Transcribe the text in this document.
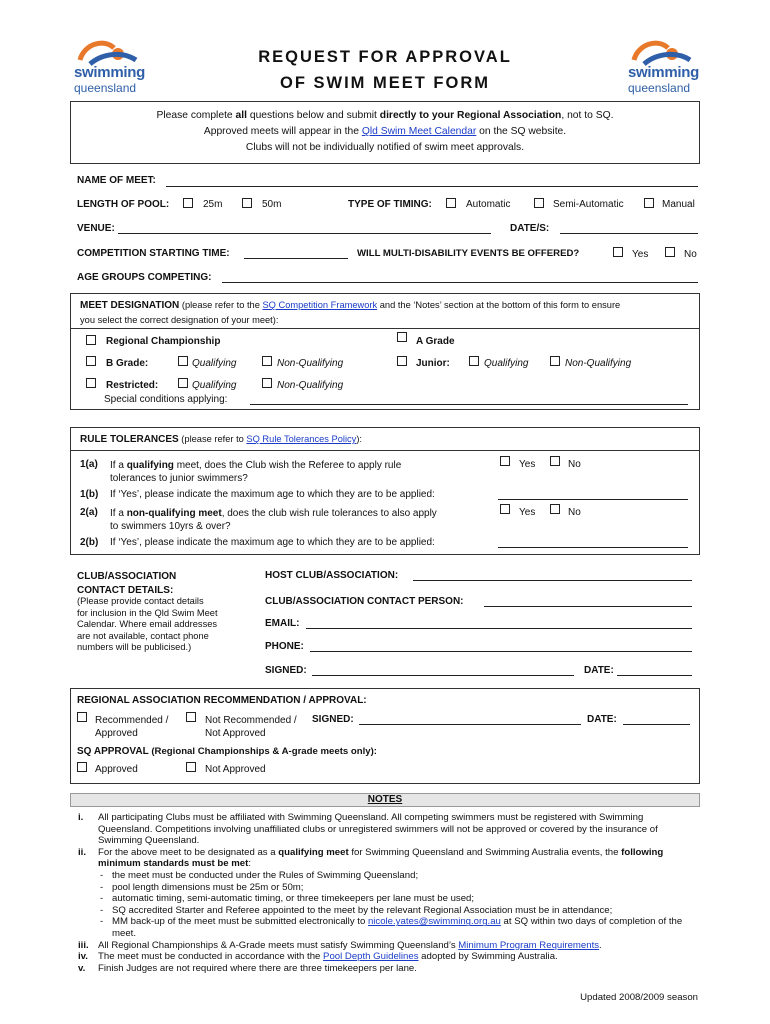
swimming
queensland
swimming
queensland
REQUEST FOR APPROVAL
OF SWIM MEET FORM
Please complete all questions below and submit directly to your Regional Association, not to SQ.
Approved meets will appear in the Qld Swim Meet Calendar on the SQ website.
Clubs will not be individually notified of swim meet approvals.
NAME OF MEET:
LENGTH OF POOL:	25m	50m	TYPE OF TIMING:	Automatic	Semi-Automatic	Manual
VENUE:	DATE/S:
COMPETITION STARTING TIME:	WILL MULTI-DISABILITY EVENTS BE OFFERED?	Yes	No
AGE GROUPS COMPETING:
MEET DESIGNATION (please refer to the SQ Competition Framework and the ‘Notes’ section at the bottom of this form to ensure
you select the correct designation of your meet):
Regional Championship	A Grade
B Grade:	Qualifying	Non-Qualifying	Junior:	Qualifying	Non-Qualifying
Restricted:	Qualifying	Non-Qualifying
Special conditions applying:
RULE TOLERANCES (please refer to SQ Rule Tolerances Policy):
1(a) If a qualifying meet, does the Club wish the Referee to apply rule
tolerances to junior swimmers?
Yes	No
1(b) If ‘Yes’, please indicate the maximum age to which they are to be applied:
2(a) If a non-qualifying meet, does the club wish rule tolerances to also apply
to swimmers 10yrs & over?
Yes	No
2(b) If ‘Yes’, please indicate the maximum age to which they are to be applied:
CLUB/ASSOCIATION
CONTACT DETAILS:
(Please provide contact details
for inclusion in the Qld Swim Meet
Calendar. Where email addresses
are not available, contact phone
numbers will be publicised.)
HOST CLUB/ASSOCIATION:
CLUB/ASSOCIATION CONTACT PERSON:
EMAIL:
PHONE:
SIGNED:	DATE:
REGIONAL ASSOCIATION RECOMMENDATION / APPROVAL:
Recommended /
Approved
Not Recommended /
Not Approved
SIGNED:	DATE:
SQ APPROVAL (Regional Championships & A-grade meets only):
Approved	Not Approved
NOTES
i. All participating Clubs must be affiliated with Swimming Queensland. All competing swimmers must be registered with Swimming Queensland. Competitions involving unaffiliated clubs or unregistered swimmers will not be approved or covered by the insurance of Swimming Queensland.
ii. For the above meet to be designated as a qualifying meet for Swimming Queensland and Swimming Australia events, the following minimum standards must be met:
- the meet must be conducted under the Rules of Swimming Queensland;
- pool length dimensions must be 25m or 50m;
- automatic timing, semi-automatic timing, or three timekeepers per lane must be used;
- SQ accredited Starter and Referee appointed to the meet by the relevant Regional Association must be in attendance;
- MM back-up of the meet must be submitted electronically to nicole.yates@swimming.org.au at SQ within two days of completion of the meet.
iii. All Regional Championships & A-Grade meets must satisfy Swimming Queensland’s Minimum Program Requirements.
iv. The meet must be conducted in accordance with the Pool Depth Guidelines adopted by Swimming Australia.
v. Finish Judges are not required where there are three timekeepers per lane.
Updated 2008/2009 season
